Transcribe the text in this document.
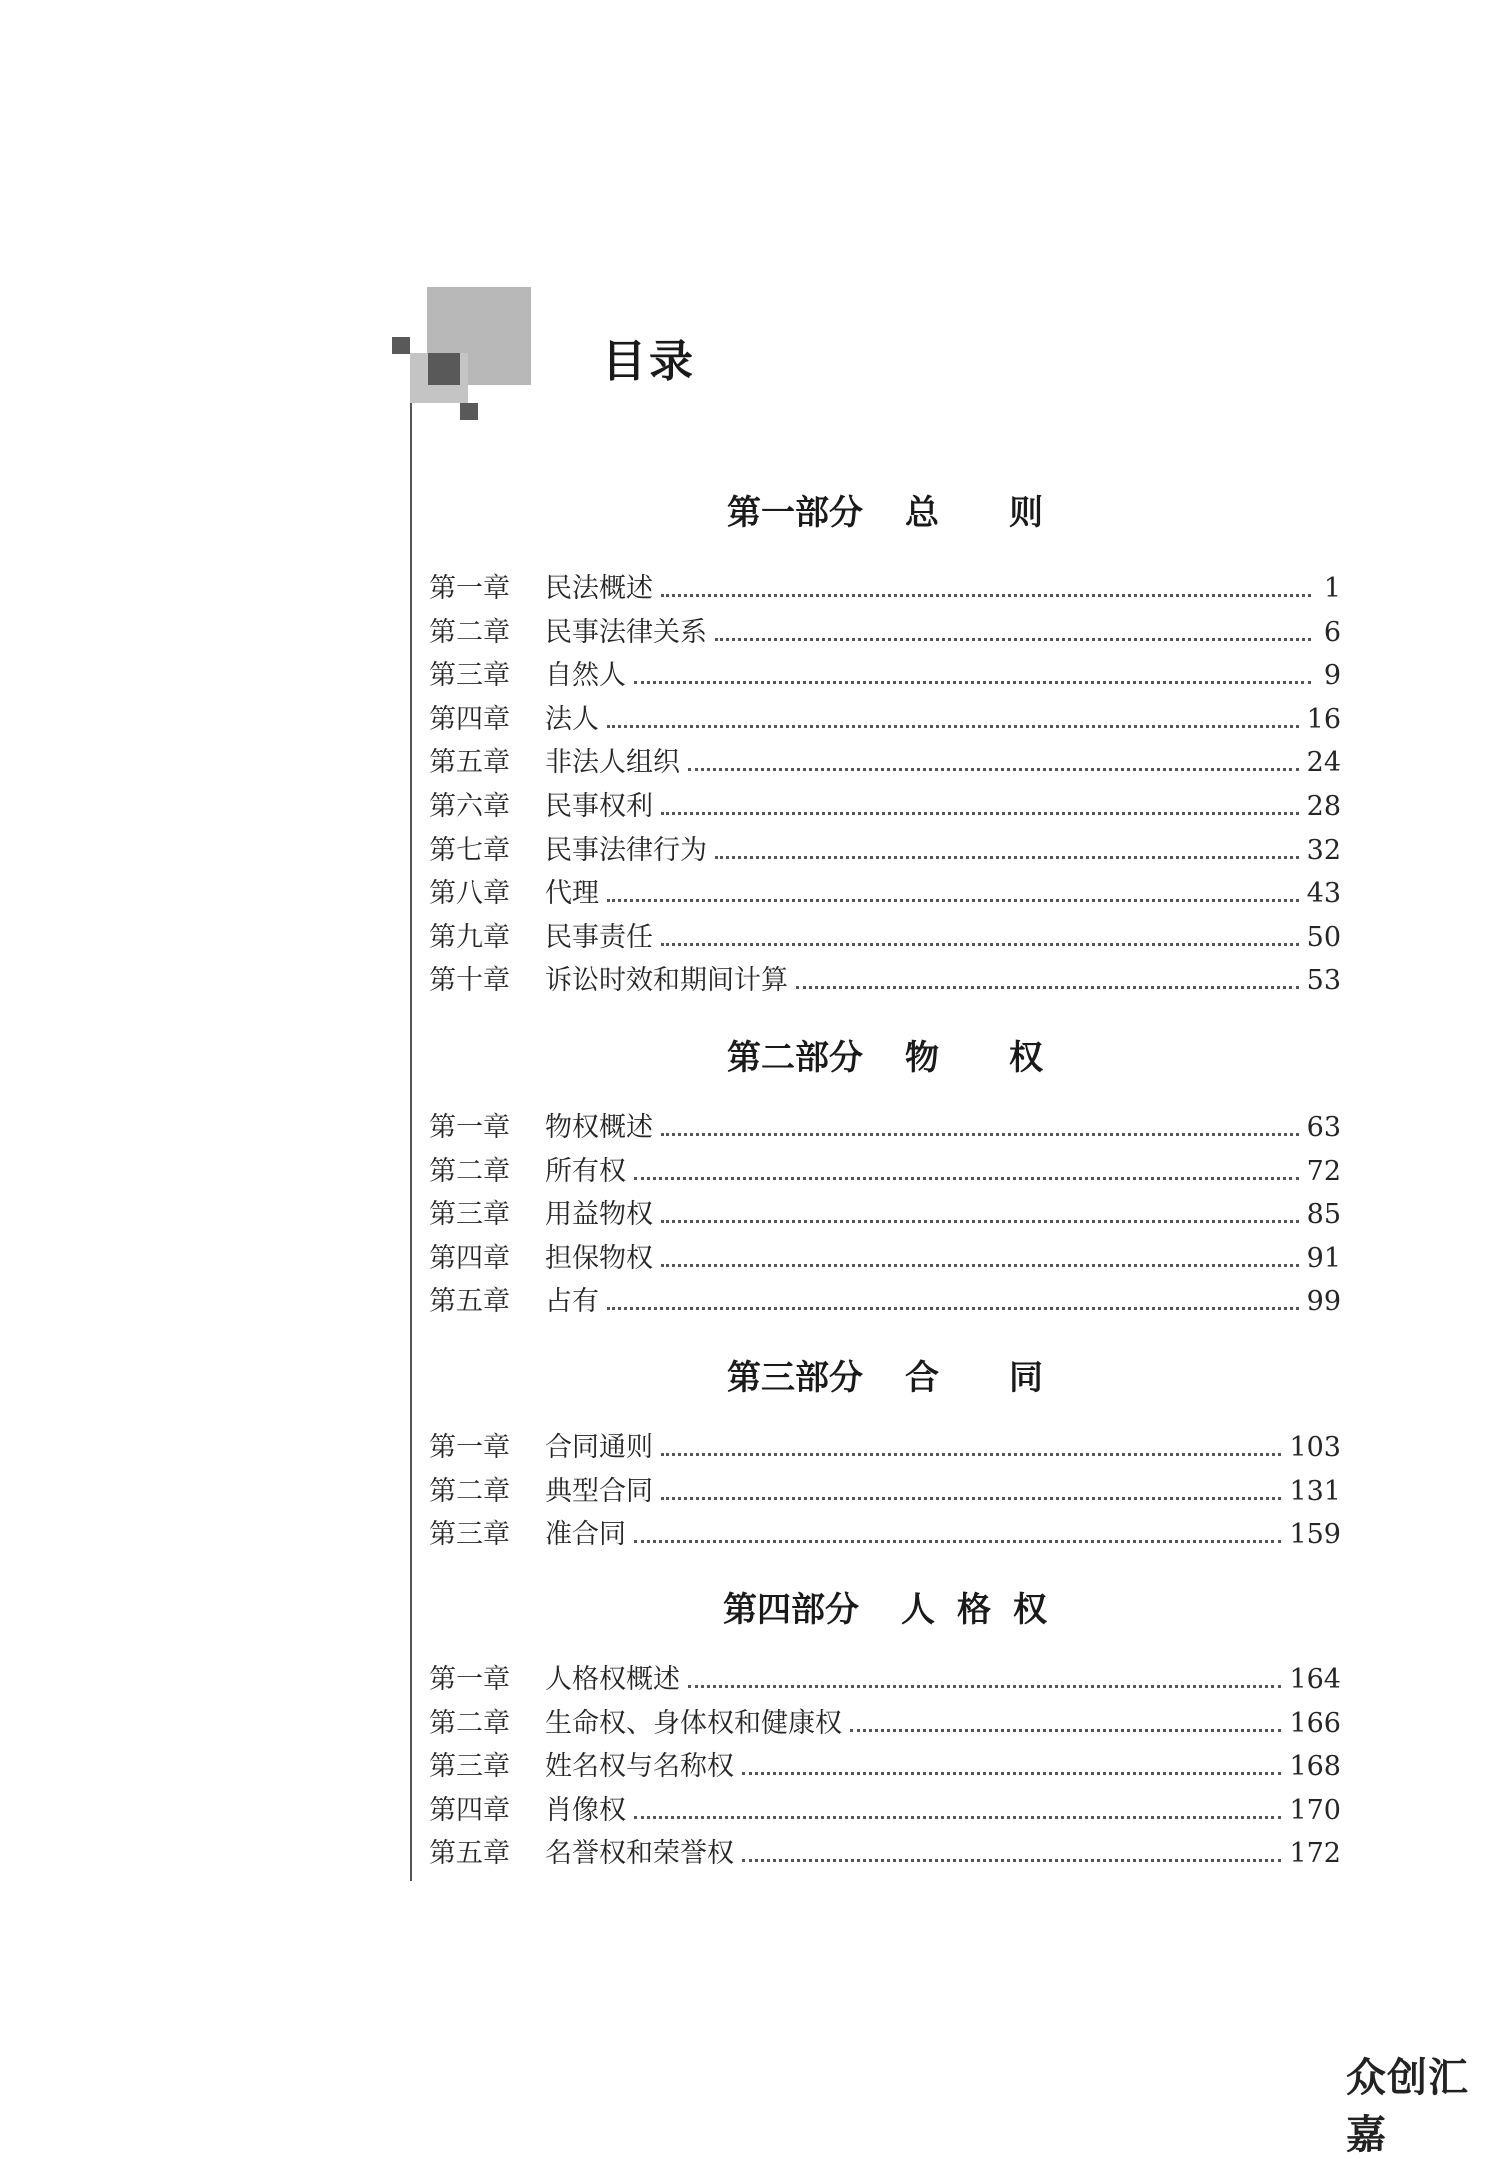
目录
第一部分 总 则
第一章	民法概述	1
第二章	民事法律关系	6
第三章	自然人	9
第四章	法人	16
第五章	非法人组织	24
第六章	民事权利	28
第七章	民事法律行为	32
第八章	代理	43
第九章	民事责任	50
第十章	诉讼时效和期间计算	53
第二部分 物 权
第一章	物权概述	63
第二章	所有权	72
第三章	用益物权	85
第四章	担保物权	91
第五章	占有	99
第三部分 合 同
第一章	合同通则	103
第二章	典型合同	131
第三章	准合同	159
第四部分 人 格 权
第一章	人格权概述	164
第二章	生命权、身体权和健康权	166
第三章	姓名权与名称权	168
第四章	肖像权	170
第五章	名誉权和荣誉权	172
众创汇嘉
